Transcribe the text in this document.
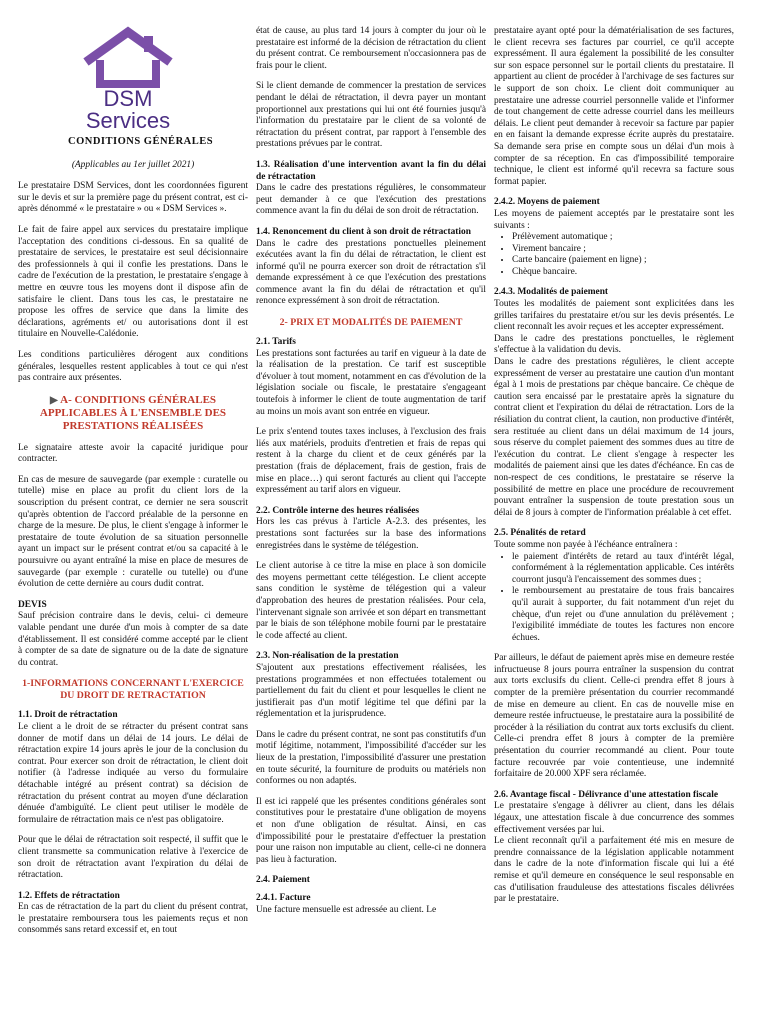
DSM
Services
CONDITIONS GÉNÉRALES
(Applicables au 1er juillet 2021)

Le prestataire DSM Services, dont les coordonnées figurent sur le devis et sur la première page du présent contrat, est ci-après dénommé « le prestataire » ou « DSM Services ».

Le fait de faire appel aux services du prestataire implique l'acceptation des conditions ci-dessous. En sa qualité de prestataire de services, le prestataire est seul décisionnaire des professionnels à qui il confie les prestations. Dans le cadre de l'exécution de la prestation, le prestataire s'engage à mettre en œuvre tous les moyens dont il dispose afin de satisfaire le client. Dans tous les cas, le prestataire ne propose les offres de service que dans la limite des déclarations, agréments et/ ou autorisations dont il est titulaire en Nouvelle-Calédonie.

Les conditions particulières dérogent aux conditions générales, lesquelles restent applicables à tout ce qui n'est pas contraire aux présentes.

▶ A- CONDITIONS GÉNÉRALES APPLICABLES À L'ENSEMBLE DES PRESTATIONS RÉALISÉES

Le signataire atteste avoir la capacité juridique pour contracter.

En cas de mesure de sauvegarde (par exemple : curatelle ou tutelle) mise en place au profit du client lors de la souscription du présent contrat, ce dernier ne sera souscrit qu'après obtention de l'accord préalable de la personne en charge de la mesure. De plus, le client s'engage à informer le prestataire de toute évolution de sa situation personnelle ayant un impact sur le présent contrat et/ou sa capacité à le poursuivre ou ayant entraîné la mise en place de mesures de sauvegarde (par exemple : curatelle ou tutelle) ou d'une évolution de cette dernière au cours dudit contrat.

DEVIS

Sauf précision contraire dans le devis, celui- ci demeure valable pendant une durée d'un mois à compter de sa date d'établissement. Il est considéré comme accepté par le client à compter de sa date de signature ou de la date de signature du contrat.

1-INFORMATIONS CONCERNANT L'EXERCICE DU DROIT DE RETRACTATION
1.1. Droit de rétractation

Le client a le droit de se rétracter du présent contrat sans donner de motif dans un délai de 14 jours. Le délai de rétractation expire 14 jours après le jour de la conclusion du contrat. Pour exercer son droit de rétractation, le client doit notifier (à l'adresse indiquée au verso du formulaire détachable intégré au présent contrat) sa décision de rétractation du présent contrat au moyen d'une déclaration dénuée d'ambiguïté. Le client peut utiliser le modèle de formulaire de rétractation mais ce n'est pas obligatoire.

Pour que le délai de rétractation soit respecté, il suffit que le client transmette sa communication relative à l'exercice de son droit de rétractation avant l'expiration du délai de rétractation.

1.2. Effets de rétractation

En cas de rétractation de la part du client du présent contrat, le prestataire remboursera tous les paiements reçus et non consommés sans retard excessif et, en tout

état de cause, au plus tard 14 jours à compter du jour où le prestataire est informé de la décision de rétractation du client du présent contrat. Ce remboursement n'occasionnera pas de frais pour le client.

Si le client demande de commencer la prestation de services pendant le délai de rétractation, il devra payer un montant proportionnel aux prestations qui lui ont été fournies jusqu'à l'information du prestataire par le client de sa volonté de rétractation du présent contrat, par rapport à l'ensemble des prestations prévues par le contrat.

1.3. Réalisation d'une intervention avant la fin du délai de rétractation

Dans le cadre des prestations régulières, le consommateur peut demander à ce que l'exécution des prestations commence avant la fin du délai de son droit de rétractation.

1.4. Renoncement du client à son droit de rétractation

Dans le cadre des prestations ponctuelles pleinement exécutées avant la fin du délai de rétractation, le client est informé qu'il ne pourra exercer son droit de rétractation s'il demande expressément à ce que l'exécution des prestations commence avant la fin du délai de rétractation et qu'il renonce expressément à son droit de rétractation.

2- PRIX ET MODALITÉS DE PAIEMENT
2.1. Tarifs

Les prestations sont facturées au tarif en vigueur à la date de la réalisation de la prestation. Ce tarif est susceptible d'évoluer à tout moment, notamment en cas d'évolution de la législation sociale ou fiscale, le prestataire s'engageant toutefois à informer le client de toute augmentation de tarif au moins un mois avant son entrée en vigueur.

Le prix s'entend toutes taxes incluses, à l'exclusion des frais liés aux matériels, produits d'entretien et frais de repas qui restent à la charge du client et de ceux générés par la prestation (frais de déplacement, frais de gestion, frais de mise en place…) qui seront facturés au client qui l'accepte expressément au tarif alors en vigueur.

2.2. Contrôle interne des heures réalisées

Hors les cas prévus à l'article A-2.3. des présentes, les prestations sont facturées sur la base des informations enregistrées dans le système de télégestion.

Le client autorise à ce titre la mise en place à son domicile des moyens permettant cette télégestion. Le client accepte sans condition le système de télégestion qui a valeur d'approbation des heures de prestation réalisées. Pour cela, l'intervenant signale son arrivée et son départ en transmettant par le biais de son téléphone mobile fourni par le prestataire le code affecté au client.

2.3. Non-réalisation de la prestation

S'ajoutent aux prestations effectivement réalisées, les prestations programmées et non effectuées totalement ou partiellement du fait du client et pour lesquelles le client ne justifierait pas d'un motif légitime tel que défini par la réglementation et la jurisprudence.

Dans le cadre du présent contrat, ne sont pas constitutifs d'un motif légitime, notamment, l'impossibilité d'accéder sur les lieux de la prestation, l'impossibilité d'assurer une prestation en toute sécurité, la fourniture de produits ou matériels non conformes ou non adaptés.

Il est ici rappelé que les présentes conditions générales sont constitutives pour le prestataire d'une obligation de moyens et non d'une obligation de résultat. Ainsi, en cas d'impossibilité pour le prestataire d'effectuer la prestation pour une raison non imputable au client, celle-ci ne donnera pas lieu à facturation.

2.4. Paiement
2.4.1. Facture

Une facture mensuelle est adressée au client. Le

prestataire ayant opté pour la dématérialisation de ses factures, le client recevra ses factures par courriel, ce qu'il accepte expressément. Il aura également la possibilité de les consulter sur son espace personnel sur le portail clients du prestataire. Il appartient au client de procéder à l'archivage de ses factures sur le support de son choix. Le client doit communiquer au prestataire une adresse courriel personnelle valide et l'informer de tout changement de cette adresse courriel dans les meilleurs délais. Le client peut demander à recevoir sa facture par papier en en faisant la demande expresse écrite auprès du prestataire. Sa demande sera prise en compte sous un délai d'un mois à compter de sa réception. En cas d'impossibilité temporaire technique, le client est informé qu'il recevra sa facture sous format papier.

2.4.2. Moyens de paiement

Les moyens de paiement acceptés par le prestataire sont les suivants :

• Prélèvement automatique ;
• Virement bancaire ;
• Carte bancaire (paiement en ligne) ;
• Chèque bancaire.
2.4.3. Modalités de paiement

Toutes les modalités de paiement sont explicitées dans les grilles tarifaires du prestataire et/ou sur les devis présentés. Le client reconnaît les avoir reçues et les accepter expressément.

Dans le cadre des prestations ponctuelles, le règlement s'effectue à la validation du devis.

Dans le cadre des prestations régulières, le client accepte expressément de verser au prestataire une caution d'un montant égal à 1 mois de prestations par chèque bancaire. Ce chèque de caution sera encaissé par le prestataire après la signature du contrat client et l'expiration du délai de rétractation. Lors de la résiliation du contrat client, la caution, non productive d'intérêt, sera restituée au client dans un délai maximum de 14 jours, sous réserve du complet paiement des sommes dues au titre de l'exécution du contrat. Le client s'engage à respecter les modalités de paiement ainsi que les dates d'échéance. En cas de non-respect de ces conditions, le prestataire se réserve la possibilité de mettre en place une procédure de recouvrement pouvant entraîner la suspension de toute prestation sous un délai de 8 jours à compter de l'information préalable à cet effet.

2.5. Pénalités de retard

Toute somme non payée à l'échéance entraînera :

• le paiement d'intérêts de retard au taux d'intérêt légal, conformément à la réglementation applicable. Ces intérêts courront jusqu'à l'encaissement des sommes dues ;
• le remboursement au prestataire de tous frais bancaires qu'il aurait à supporter, du fait notamment d'un rejet du chèque, d'un rejet ou d'une annulation du prélèvement ; l'exigibilité immédiate de toutes les factures non encore échues.

Par ailleurs, le défaut de paiement après mise en demeure restée infructueuse 8 jours pourra entraîner la suspension du contrat aux torts exclusifs du client. Celle-ci prendra effet 8 jours à compter de la première présentation du courrier recommandé de mise en demeure au client. En cas de nouvelle mise en demeure restée infructueuse, le prestataire aura la possibilité de procéder à la résiliation du contrat aux torts exclusifs du client. Celle-ci prendra effet 8 jours à compter de la première présentation du courrier recommandé au client. Pour toute facture recouvrée par voie contentieuse, une indemnité forfaitaire de 20.000 XPF sera réclamée.

2.6. Avantage fiscal - Délivrance d'une attestation fiscale

Le prestataire s'engage à délivrer au client, dans les délais légaux, une attestation fiscale à due concurrence des sommes effectivement versées par lui.

Le client reconnaît qu'il a parfaitement été mis en mesure de prendre connaissance de la législation applicable notamment dans le cadre de la note d'information fiscale qui lui a été remise et qu'il demeure en conséquence le seul responsable en cas d'utilisation frauduleuse des attestations fiscales délivrées par le prestataire.
